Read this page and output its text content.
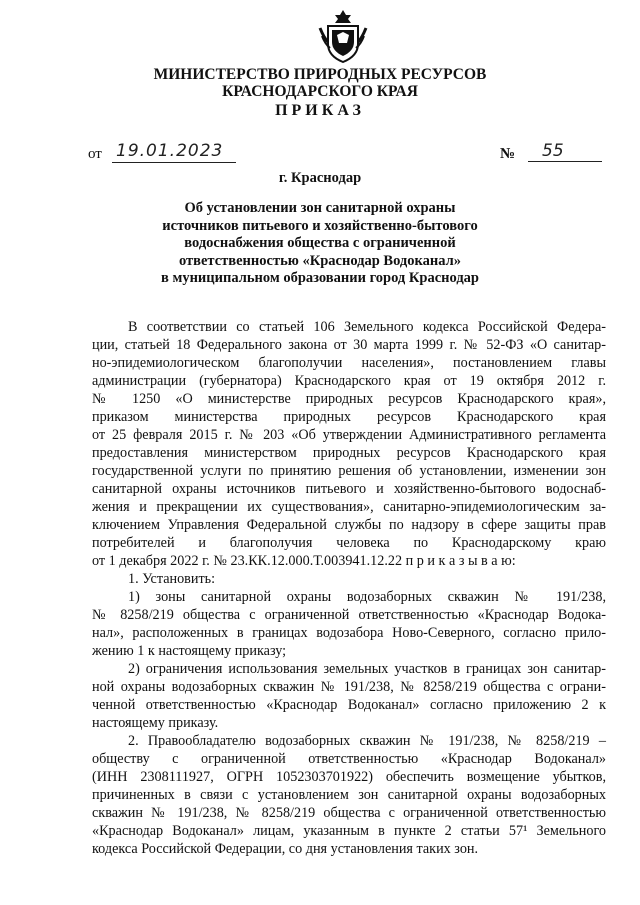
МИНИСТЕРСТВО ПРИРОДНЫХ РЕСУРСОВ
КРАСНОДАРСКОГО КРАЯ
ПРИКАЗ
от 19.01.2023	№	55
г. Краснодар
Об установлении зон санитарной охраны
источников питьевого и хозяйственно-бытового
водоснабжения общества с ограниченной
ответственностью «Краснодар Водоканал»
в муниципальном образовании город Краснодар
В соответствии со статьей 106 Земельного кодекса Российской Федера-
ции, статьей 18 Федерального закона от 30 марта 1999 г. № 52-ФЗ «О санитар-
но-эпидемиологическом благополучии населения», постановлением главы
администрации (губернатора) Краснодарского края от 19 октября 2012 г.
№ 1250 «О министерстве природных ресурсов Краснодарского края»,
приказом министерства природных ресурсов Краснодарского края
от 25 февраля 2015 г. № 203 «Об утверждении Административного регламента
предоставления министерством природных ресурсов Краснодарского края
государственной услуги по принятию решения об установлении, изменении зон
санитарной охраны источников питьевого и хозяйственно-бытового водоснаб-
жения и прекращении их существования», санитарно-эпидемиологическим за-
ключением Управления Федеральной службы по надзору в сфере защиты прав
потребителей и благополучия человека по Краснодарскому краю
от 1 декабря 2022 г. № 23.КК.12.000.Т.003941.12.22 п р и к а з ы в а ю:
1. Установить:
1) зоны санитарной охраны водозаборных скважин № 191/238,
№ 8258/219 общества с ограниченной ответственностью «Краснодар Водока-
нал», расположенных в границах водозабора Ново-Северного, согласно прило-
жению 1 к настоящему приказу;
2) ограничения использования земельных участков в границах зон санитар-
ной охраны водозаборных скважин № 191/238, № 8258/219 общества с ограни-
ченной ответственностью «Краснодар Водоканал» согласно приложению 2 к
настоящему приказу.
2. Правообладателю водозаборных скважин № 191/238, № 8258/219 –
обществу с ограниченной ответственностью «Краснодар Водоканал»
(ИНН 2308111927, ОГРН 1052303701922) обеспечить возмещение убытков,
причиненных в связи с установлением зон санитарной охраны водозаборных
скважин № 191/238, № 8258/219 общества с ограниченной ответственностью
«Краснодар Водоканал» лицам, указанным в пункте 2 статьи 57¹ Земельного
кодекса Российской Федерации, со дня установления таких зон.
